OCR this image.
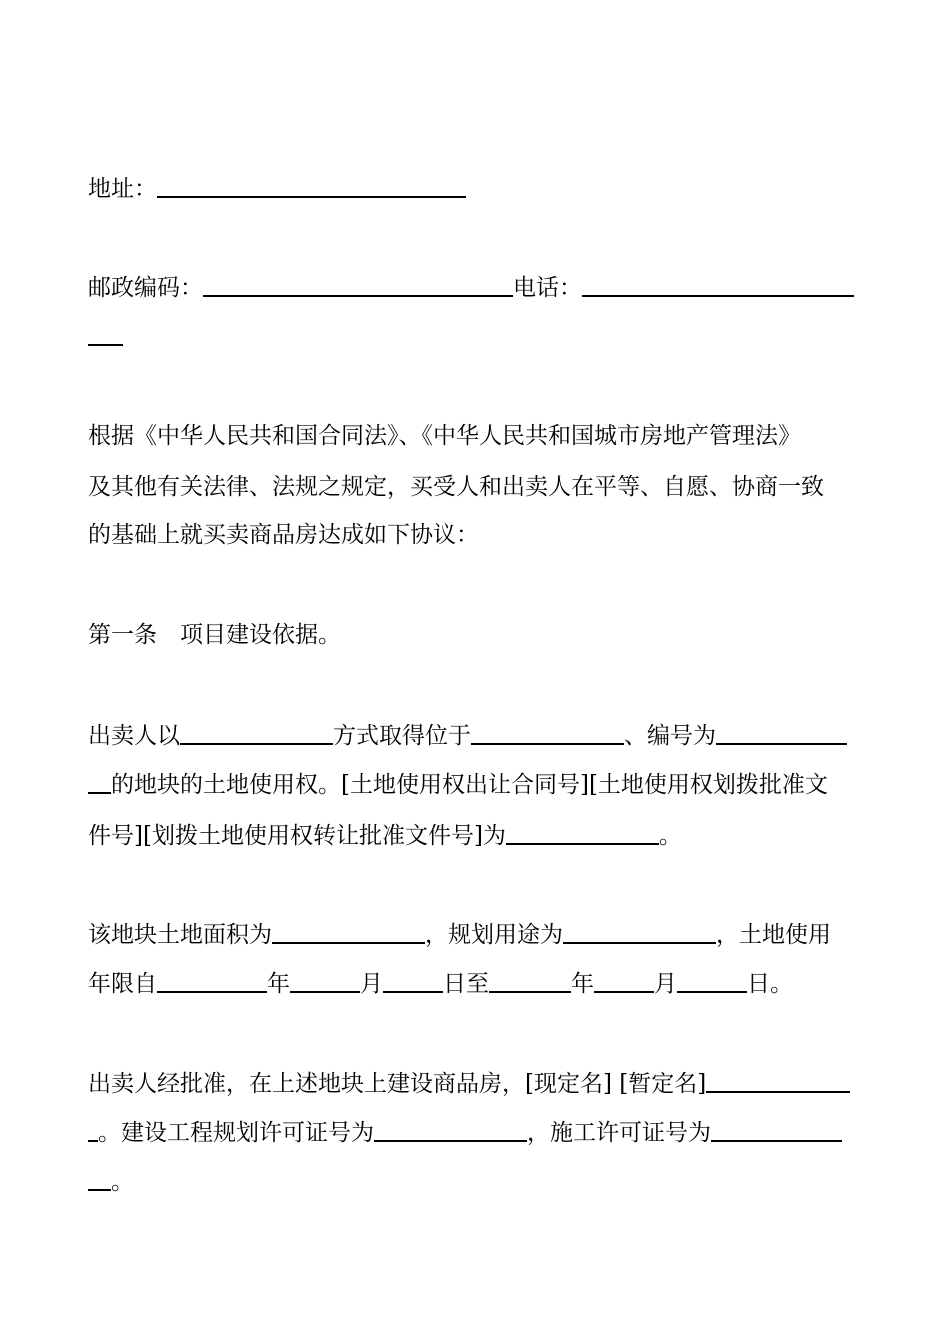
地址：
邮政编码：	电话：
根据《中华人民共和国合同法》、《中华人民共和国城市房地产管理法》
及其他有关法律、法规之规定，买受人和出卖人在平等、自愿、协商一致
的基础上就买卖商品房达成如下协议：
第一条　项目建设依据。
出卖人以	方式取得位于	、编号为
的地块的土地使用权。[土地使用权出让合同号][土地使用权划拨批准文
件号][划拨土地使用权转让批准文件号]为	。
该地块土地面积为	，规划用途为	，土地使用
年限自	年	月	日至	年	月	日。
出卖人经批准，在上述地块上建设商品房，[现定名] [暂定名]
。建设工程规划许可证号为	，施工许可证号为
。
